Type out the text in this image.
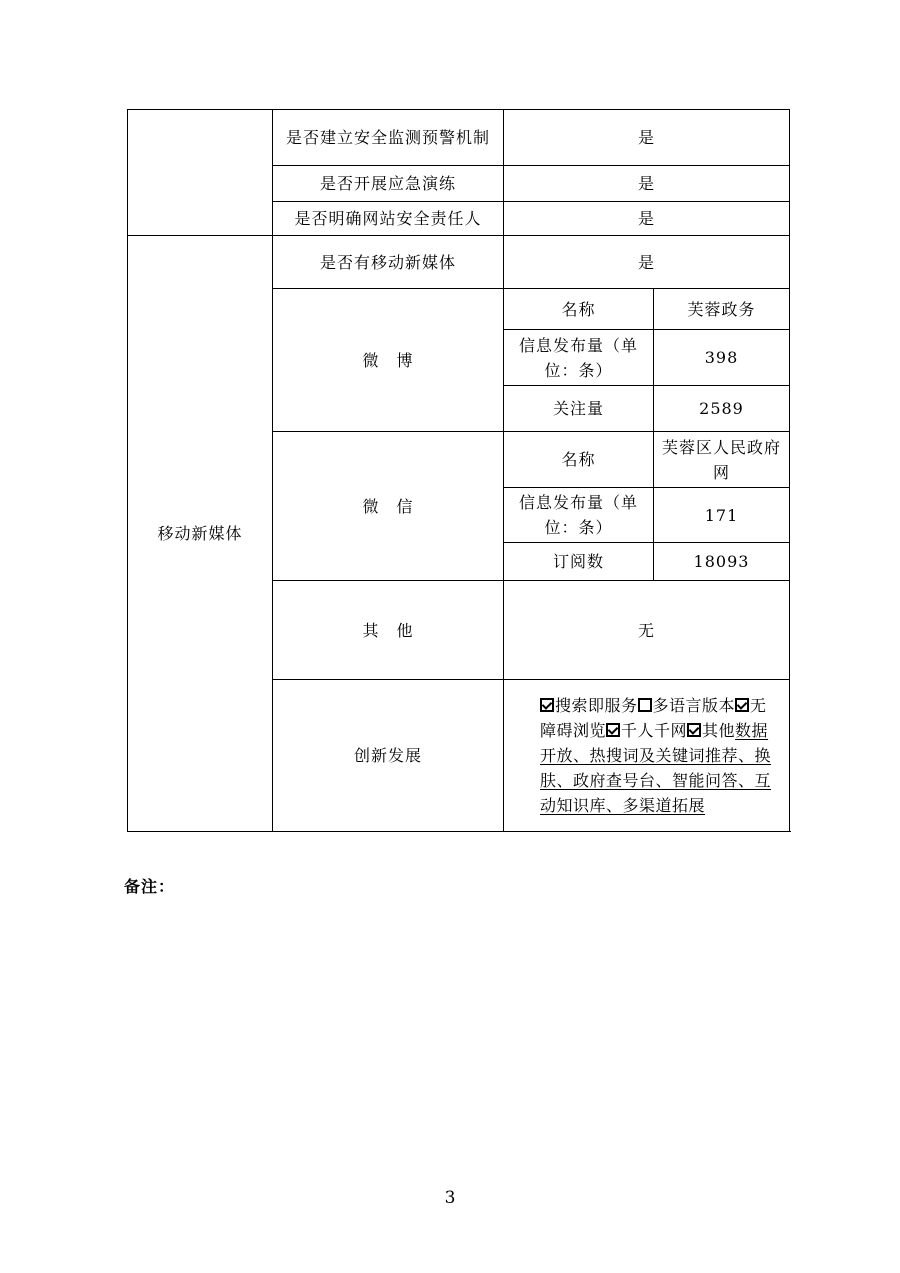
	是否建立安全监测预警机制	是	
	是否开展应急演练	是	
	是否明确网站安全责任人	是	
移动新媒体	是否有移动新媒体	是	
	微　博	名称	芙蓉政务
		信息发布量（单位：条）	398
		关注量	2589
	微　信	名称	芙蓉区人民政府网
		信息发布量（单位：条）	171
		订阅数	18093
	其　他	无	
	创新发展	搜索即服务 多语言版本 无障碍浏览 千人千网 其他数据开放、热搜词及关键词推荐、换肤、政府查号台、智能问答、互动知识库、多渠道拓展	
备注：
3
